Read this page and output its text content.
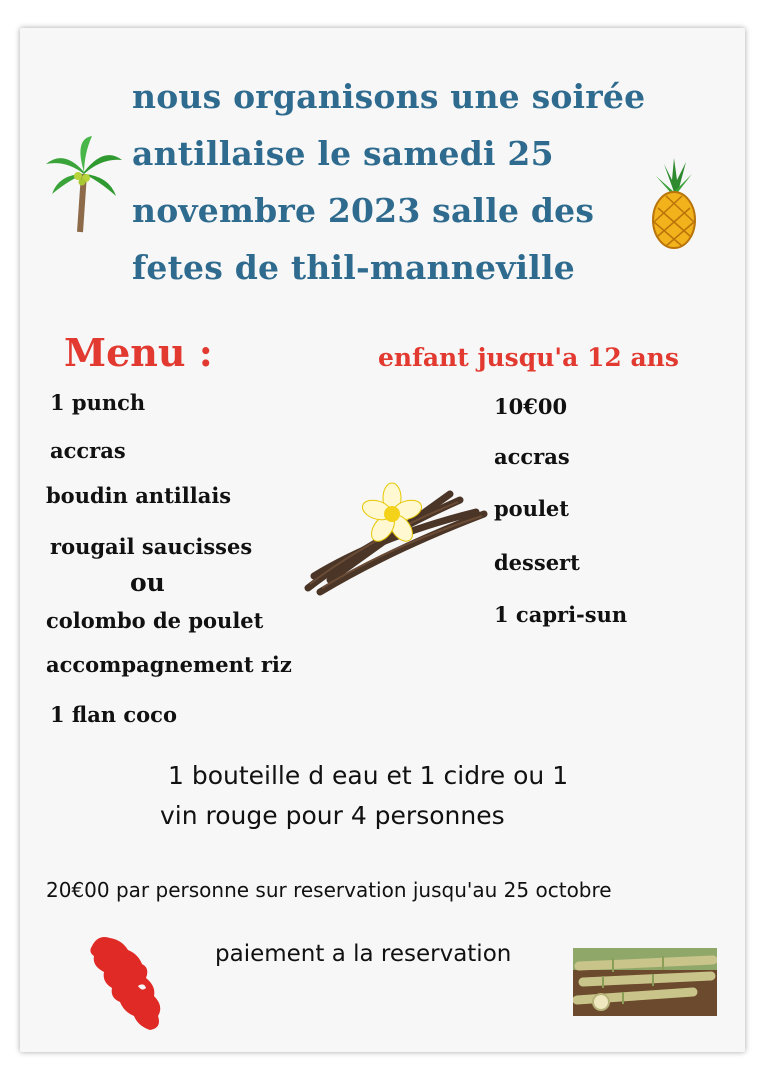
nous organisons une soirée
antillaise le samedi 25
novembre 2023 salle des
fetes de thil-manneville
Menu :	enfant jusqu'a 12 ans
1 punch
accras
boudin antillais
rougail saucisses
ou
colombo de poulet
accompagnement riz
1 flan coco
10€00
accras
poulet
dessert
1 capri-sun
1 bouteille d eau et 1 cidre ou 1
vin rouge pour 4 personnes
20€00 par personne sur reservation jusqu'au 25 octobre
paiement a la reservation
